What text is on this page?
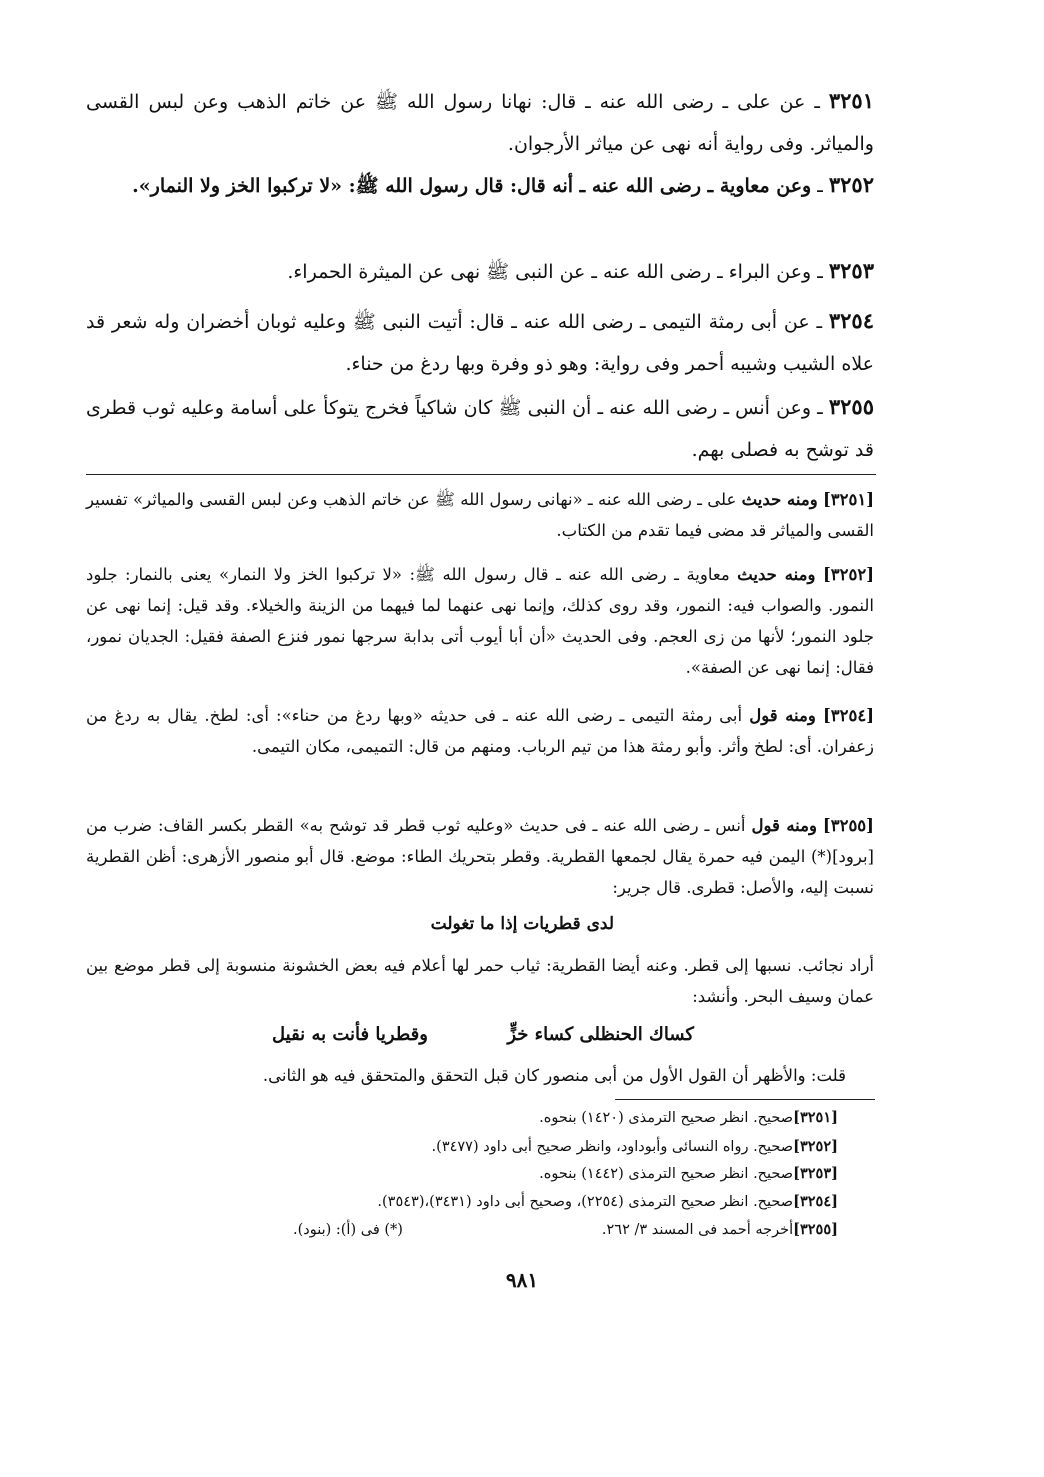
٣٢٥١ ـ عن على ـ رضى الله عنه ـ قال: نهانا رسول الله ﷺ عن خاتم الذهب وعن لبس القسى والمياثر. وفى رواية أنه نهى عن مياثر الأرجوان.

٣٢٥٢ ـ وعن معاوية ـ رضى الله عنه ـ أنه قال: قال رسول الله ﷺ: «لا تركبوا الخز ولا النمار».

٣٢٥٣ ـ وعن البراء ـ رضى الله عنه ـ عن النبى ﷺ نهى عن الميثرة الحمراء.

٣٢٥٤ ـ عن أبى رمثة التيمى ـ رضى الله عنه ـ قال: أتيت النبى ﷺ وعليه ثوبان أخضران وله شعر قد علاه الشيب وشيبه أحمر وفى رواية: وهو ذو وفرة وبها ردغ من حناء.

٣٢٥٥ ـ وعن أنس ـ رضى الله عنه ـ أن النبى ﷺ كان شاكياً فخرج يتوكأ على أسامة وعليه ثوب قطرى قد توشح به فصلى بهم.

[٣٢٥١] ومنه حديث على ـ رضى الله عنه ـ «نهانى رسول الله ﷺ عن خاتم الذهب وعن لبس القسى والمياثر» تفسير القسى والمياثر قد مضى فيما تقدم من الكتاب.

[٣٢٥٢] ومنه حديث معاوية ـ رضى الله عنه ـ قال رسول الله ﷺ: «لا تركبوا الخز ولا النمار» يعنى بالنمار: جلود النمور. والصواب فيه: النمور، وقد روى كذلك، وإنما نهى عنهما لما فيهما من الزينة والخيلاء. وقد قيل: إنما نهى عن جلود النمور؛ لأنها من زى العجم. وفى الحديث «أن أبا أيوب أتى بدابة سرجها نمور فنزع الصفة فقيل: الجديان نمور، فقال: إنما نهى عن الصفة».

[٣٢٥٤] ومنه قول أبى رمثة التيمى ـ رضى الله عنه ـ فى حديثه «وبها ردغ من حناء»: أى: لطخ. يقال به ردغ من زعفران. أى: لطخ وأثر. وأبو رمثة هذا من تيم الرباب. ومنهم من قال: التميمى، مكان التيمى.

[٣٢٥٥] ومنه قول أنس ـ رضى الله عنه ـ فى حديث «وعليه ثوب قطر قد توشح به» القطر بكسر القاف: ضرب من [برود](*) اليمن فيه حمرة يقال لجمعها القطرية. وقطر بتحريك الطاء: موضع. قال أبو منصور الأزهرى: أظن القطرية نسبت إليه، والأصل: قطرى. قال جرير:

لدى قطريات إذا ما تغولت

أراد نجائب. نسبها إلى قطر. وعنه أيضا القطرية: ثياب حمر لها أعلام فيه بعض الخشونة منسوبة إلى قطر موضع بين عمان وسيف البحر. وأنشد:

كساك الحنظلى كساء خزٍّ
وقطريا فأنت به نقيل

قلت: والأظهر أن القول الأول من أبى منصور كان قبل التحقق والمتحقق فيه هو الثانى.

[٣٢٥١]صحيح. انظر صحيح الترمذى (١٤٢٠) بنحوه.
[٣٢٥٢]صحيح. رواه النسائى وأبوداود، وانظر صحيح أبى داود (٣٤٧٧).
[٣٢٥٣]صحيح. انظر صحيح الترمذى (١٤٤٢) بنحوه.
[٣٢٥٤]صحيح. انظر صحيح الترمذى (٢٢٥٤)، وصحيح أبى داود (٣٤٣١)،(٣٥٤٣).
[٣٢٥٥]أخرجه أحمد فى المسند ٣/ ٢٦٢.
(*) فى (أ): (بنود).
٩٨١
